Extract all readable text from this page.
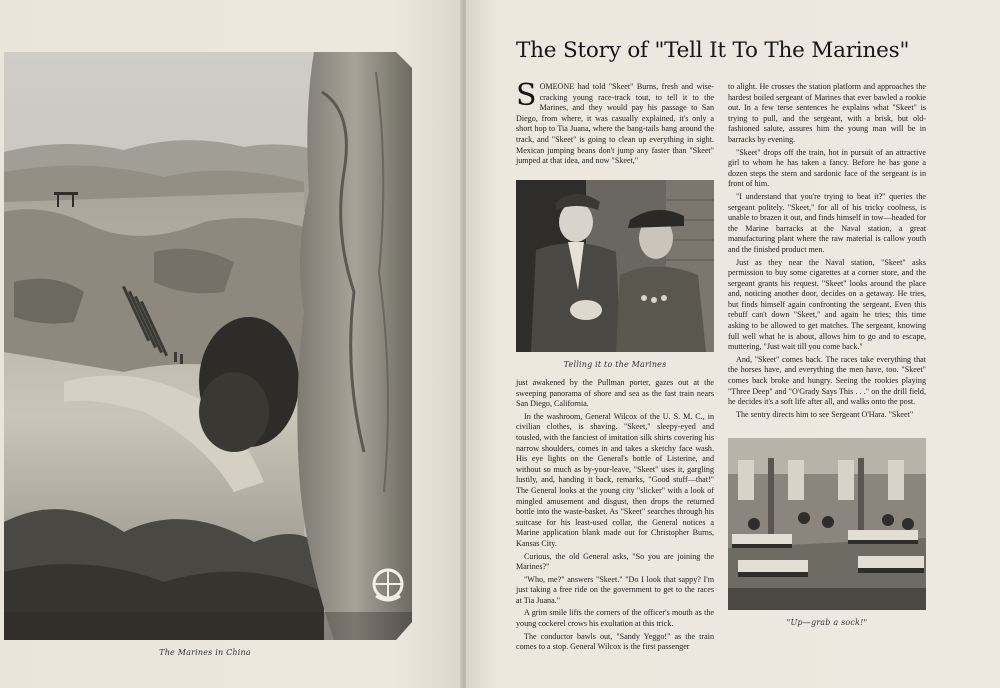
The Marines in China
The Story of "Tell It To The Marines"

SOMEONE had told "Skeet" Burns, fresh and wise-cracking young race-track tout, to tell it to the Marines, and they would pay his passage to San Diego, from where, it was casually explained, it's only a short hop to Tia Juana, where the bang-tails bang around the track, and "Skeet" is going to clean up everything in sight. Mexican jumping beans don't jump any faster than "Skeet" jumped at that idea, and now "Skeet,"

Telling it to the Marines

just awakened by the Pullman porter, gazes out at the sweeping panorama of shore and sea as the fast train nears San Diego, California.

In the washroom, General Wilcox of the U. S. M. C., in civilian clothes, is shaving. "Skeet," sleepy-eyed and tousled, with the fanciest of imitation silk shirts covering his narrow shoulders, comes in and takes a sketchy face wash. His eye lights on the General's bottle of Listerine, and without so much as by-your-leave, "Skeet" uses it, gargling lustily, and, handing it back, remarks, "Good stuff—that!" The General looks at the young city "slicker" with a look of mingled amusement and disgust, then drops the returned bottle into the waste-basket. As "Skeet" searches through his suitcase for his least-used collar, the General notices a Marine application blank made out for Christopher Burns, Kansas City.

Curious, the old General asks, "So you are joining the Marines?"

"Who, me?" answers "Skeet." "Do I look that sappy? I'm just taking a free ride on the government to get to the races at Tia Juana."

A grim smile lifts the corners of the officer's mouth as the young cockerel crows his exultation at this trick.

The conductor bawls out, "Sandy Yeggo!" as the train comes to a stop. General Wilcox is the first passenger

to alight. He crosses the station platform and approaches the hardest boiled sergeant of Marines that ever bawled a rookie out. In a few terse sentences he explains what "Skeet" is trying to pull, and the sergeant, with a brisk, but old-fashioned salute, assures him the young man will be in barracks by evening.

"Skeet" drops off the train, hot in pursuit of an attractive girl to whom he has taken a fancy. Before he has gone a dozen steps the stern and sardonic face of the sergeant is in front of him.

"I understand that you're trying to beat it?" queries the sergeant politely. "Skeet," for all of his tricky coolness, is unable to brazen it out, and finds himself in tow—headed for the Marine barracks at the Naval station, a great manufacturing plant where the raw material is callow youth and the finished product men.

Just as they near the Naval station, "Skeet" asks permission to buy some cigarettes at a corner store, and the sergeant grants his request. "Skeet" looks around the place and, noticing another door, decides on a getaway. He tries, but finds himself again confronting the sergeant. Even this rebuff can't down "Skeet," and again he tries; this time asking to be allowed to get matches. The sergeant, knowing full well what he is about, allows him to go and to escape, muttering, "Just wait till you come back."

And, "Skeet" comes back. The races take everything that the horses have, and everything the men have, too. "Skeet" comes back broke and hungry. Seeing the rookies playing "Three Deep" and "O'Grady Says This . . ." on the drill field, he decides it's a soft life after all, and walks onto the post.

The sentry directs him to see Sergeant O'Hara. "Skeet"

"Up—grab a sock!"
